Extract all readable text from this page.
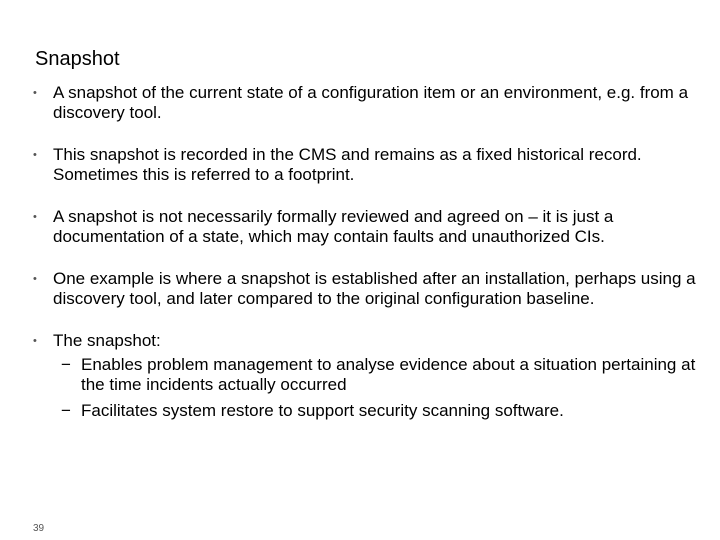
Snapshot
• A snapshot of the current state of a configuration item or an environment, e.g. from a discovery tool.
• This snapshot is recorded in the CMS and remains as a fixed historical record. Sometimes this is referred to a footprint.
• A snapshot is not necessarily formally reviewed and agreed on – it is just a documentation of a state, which may contain faults and unauthorized CIs.
• One example is where a snapshot is established after an installation, perhaps using a discovery tool, and later compared to the original configuration baseline.
• The snapshot:
− Enables problem management to analyse evidence about a situation pertaining at the time incidents actually occurred
− Facilitates system restore to support security scanning software.
39
